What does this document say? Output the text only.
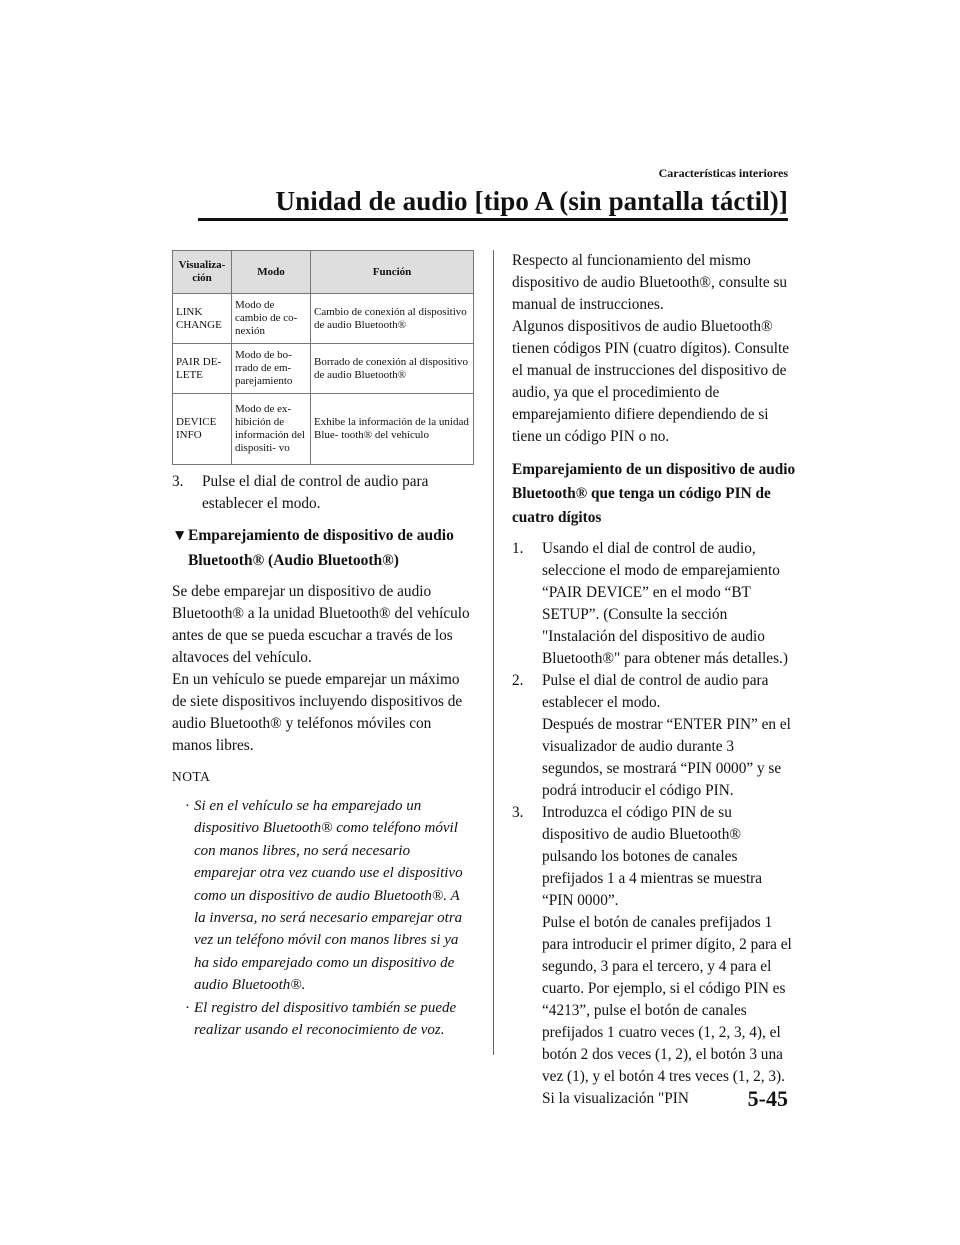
Características interiores
Unidad de audio [tipo A (sin pantalla táctil)]
Visualiza- ción	Modo	Función
LINK CHANGE	Modo de cambio de co- nexión	Cambio de conexión al dispositivo de audio Bluetooth®
PAIR DE- LETE	Modo de bo- rrado de em- parejamiento	Borrado de conexión al dispositivo de audio Bluetooth®
DEVICE INFO	Modo de ex- hibición de información del dispositi- vo	Exhibe la información de la unidad Blue- tooth® del vehículo
3. Pulse el dial de control de audio para establecer el modo.
▼ Emparejamiento de dispositivo de audio Bluetooth® (Audio Bluetooth®)

Se debe emparejar un dispositivo de audio Bluetooth® a la unidad Bluetooth® del vehículo antes de que se pueda escuchar a través de los altavoces del vehículo.

En un vehículo se puede emparejar un máximo de siete dispositivos incluyendo dispositivos de audio Bluetooth® y teléfonos móviles con manos libres.

NOTA

· Si en el vehículo se ha emparejado un dispositivo Bluetooth® como teléfono móvil con manos libres, no será necesario emparejar otra vez cuando use el dispositivo como un dispositivo de audio Bluetooth®. A la inversa, no será necesario emparejar otra vez un teléfono móvil con manos libres si ya ha sido emparejado como un dispositivo de audio Bluetooth®.
· El registro del dispositivo también se puede realizar usando el reconocimiento de voz.

Respecto al funcionamiento del mismo dispositivo de audio Bluetooth®, consulte su manual de instrucciones.

Algunos dispositivos de audio Bluetooth® tienen códigos PIN (cuatro dígitos). Consulte el manual de instrucciones del dispositivo de audio, ya que el procedimiento de emparejamiento difiere dependiendo de si tiene un código PIN o no.

Emparejamiento de un dispositivo de audio Bluetooth® que tenga un código PIN de cuatro dígitos

1. Usando el dial de control de audio, seleccione el modo de emparejamiento “PAIR DEVICE” en el modo “BT SETUP”. (Consulte la sección "Instalación del dispositivo de audio Bluetooth®" para obtener más detalles.)
2. Pulse el dial de control de audio para establecer el modo.
Después de mostrar “ENTER PIN” en el visualizador de audio durante 3 segundos, se mostrará “PIN 0000” y se podrá introducir el código PIN.
3. Introduzca el código PIN de su dispositivo de audio Bluetooth® pulsando los botones de canales prefijados 1 a 4 mientras se muestra “PIN 0000”.
Pulse el botón de canales prefijados 1 para introducir el primer dígito, 2 para el segundo, 3 para el tercero, y 4 para el cuarto. Por ejemplo, si el código PIN es “4213”, pulse el botón de canales prefijados 1 cuatro veces (1, 2, 3, 4), el botón 2 dos veces (1, 2), el botón 3 una vez (1), y el botón 4 tres veces (1, 2, 3). Si la visualización "PIN	5-45
